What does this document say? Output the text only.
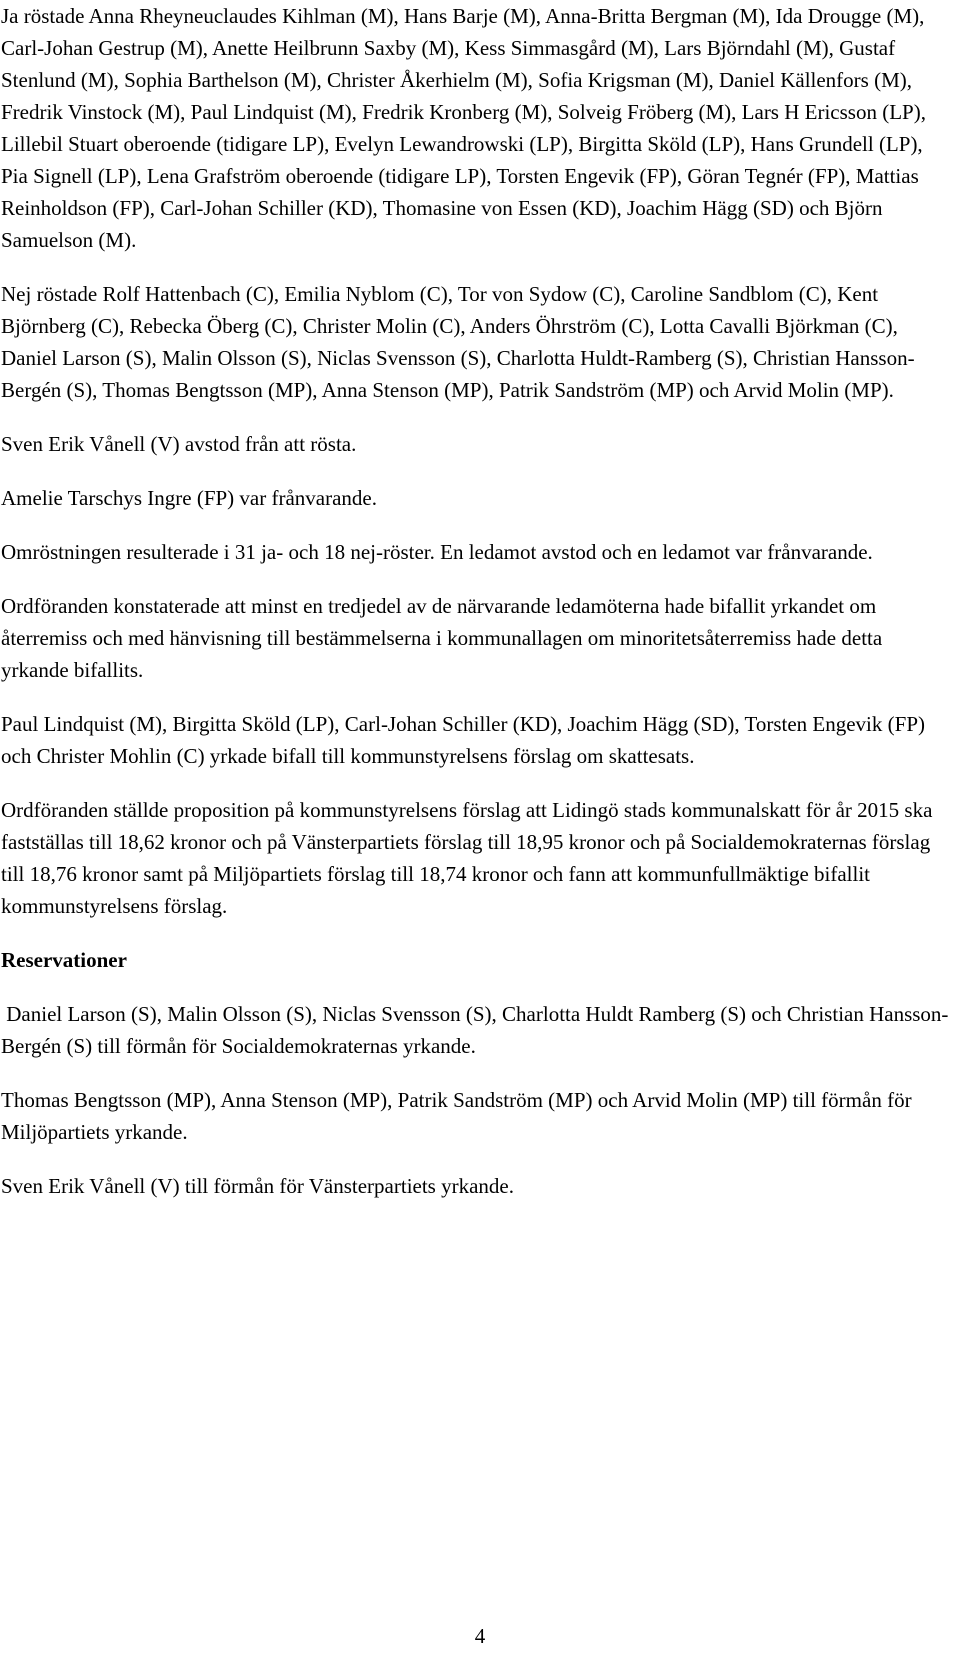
Ja röstade Anna Rheyneuclaudes Kihlman (M), Hans Barje (M), Anna-Britta Bergman (M), Ida Drougge (M), Carl-Johan Gestrup (M), Anette Heilbrunn Saxby (M), Kess Simmasgård (M), Lars Björndahl (M), Gustaf Stenlund (M), Sophia Barthelson (M), Christer Åkerhielm (M), Sofia Krigsman (M), Daniel Källenfors (M), Fredrik Vinstock (M), Paul Lindquist (M), Fredrik Kronberg (M), Solveig Fröberg (M), Lars H Ericsson (LP), Lillebil Stuart oberoende (tidigare LP), Evelyn Lewandrowski (LP), Birgitta Sköld (LP), Hans Grundell (LP), Pia Signell (LP), Lena Grafström oberoende (tidigare LP), Torsten Engevik (FP), Göran Tegnér (FP), Mattias Reinholdson (FP), Carl-Johan Schiller (KD), Thomasine von Essen (KD), Joachim Hägg (SD) och Björn Samuelson (M).

Nej röstade Rolf Hattenbach (C), Emilia Nyblom (C), Tor von Sydow (C), Caroline Sandblom (C), Kent Björnberg (C), Rebecka Öberg (C), Christer Molin (C), Anders Öhrström (C), Lotta Cavalli Björkman (C), Daniel Larson (S), Malin Olsson (S), Niclas Svensson (S), Charlotta Huldt-Ramberg (S), Christian Hansson-Bergén (S), Thomas Bengtsson (MP), Anna Stenson (MP), Patrik Sandström (MP) och Arvid Molin (MP).

Sven Erik Vånell (V) avstod från att rösta.

Amelie Tarschys Ingre (FP) var frånvarande.

Omröstningen resulterade i 31 ja- och 18 nej-röster. En ledamot avstod och en ledamot var frånvarande.

Ordföranden konstaterade att minst en tredjedel av de närvarande ledamöterna hade bifallit yrkandet om återremiss och med hänvisning till bestämmelserna i kommunallagen om minoritetsåterremiss hade detta yrkande bifallits.

Paul Lindquist (M), Birgitta Sköld (LP), Carl-Johan Schiller (KD), Joachim Hägg (SD), Torsten Engevik (FP) och Christer Mohlin (C) yrkade bifall till kommunstyrelsens förslag om skattesats.

Ordföranden ställde proposition på kommunstyrelsens förslag att Lidingö stads kommunalskatt för år 2015 ska fastställas till 18,62 kronor och på Vänsterpartiets förslag till 18,95 kronor och på Socialdemokraternas förslag till 18,76 kronor samt på Miljöpartiets förslag till 18,74 kronor och fann att kommunfullmäktige bifallit kommunstyrelsens förslag.

Reservationer

Daniel Larson (S), Malin Olsson (S), Niclas Svensson (S), Charlotta Huldt Ramberg (S) och Christian Hansson-Bergén (S) till förmån för Socialdemokraternas yrkande.

Thomas Bengtsson (MP), Anna Stenson (MP), Patrik Sandström (MP) och Arvid Molin (MP) till förmån för Miljöpartiets yrkande.

Sven Erik Vånell (V) till förmån för Vänsterpartiets yrkande.

4
